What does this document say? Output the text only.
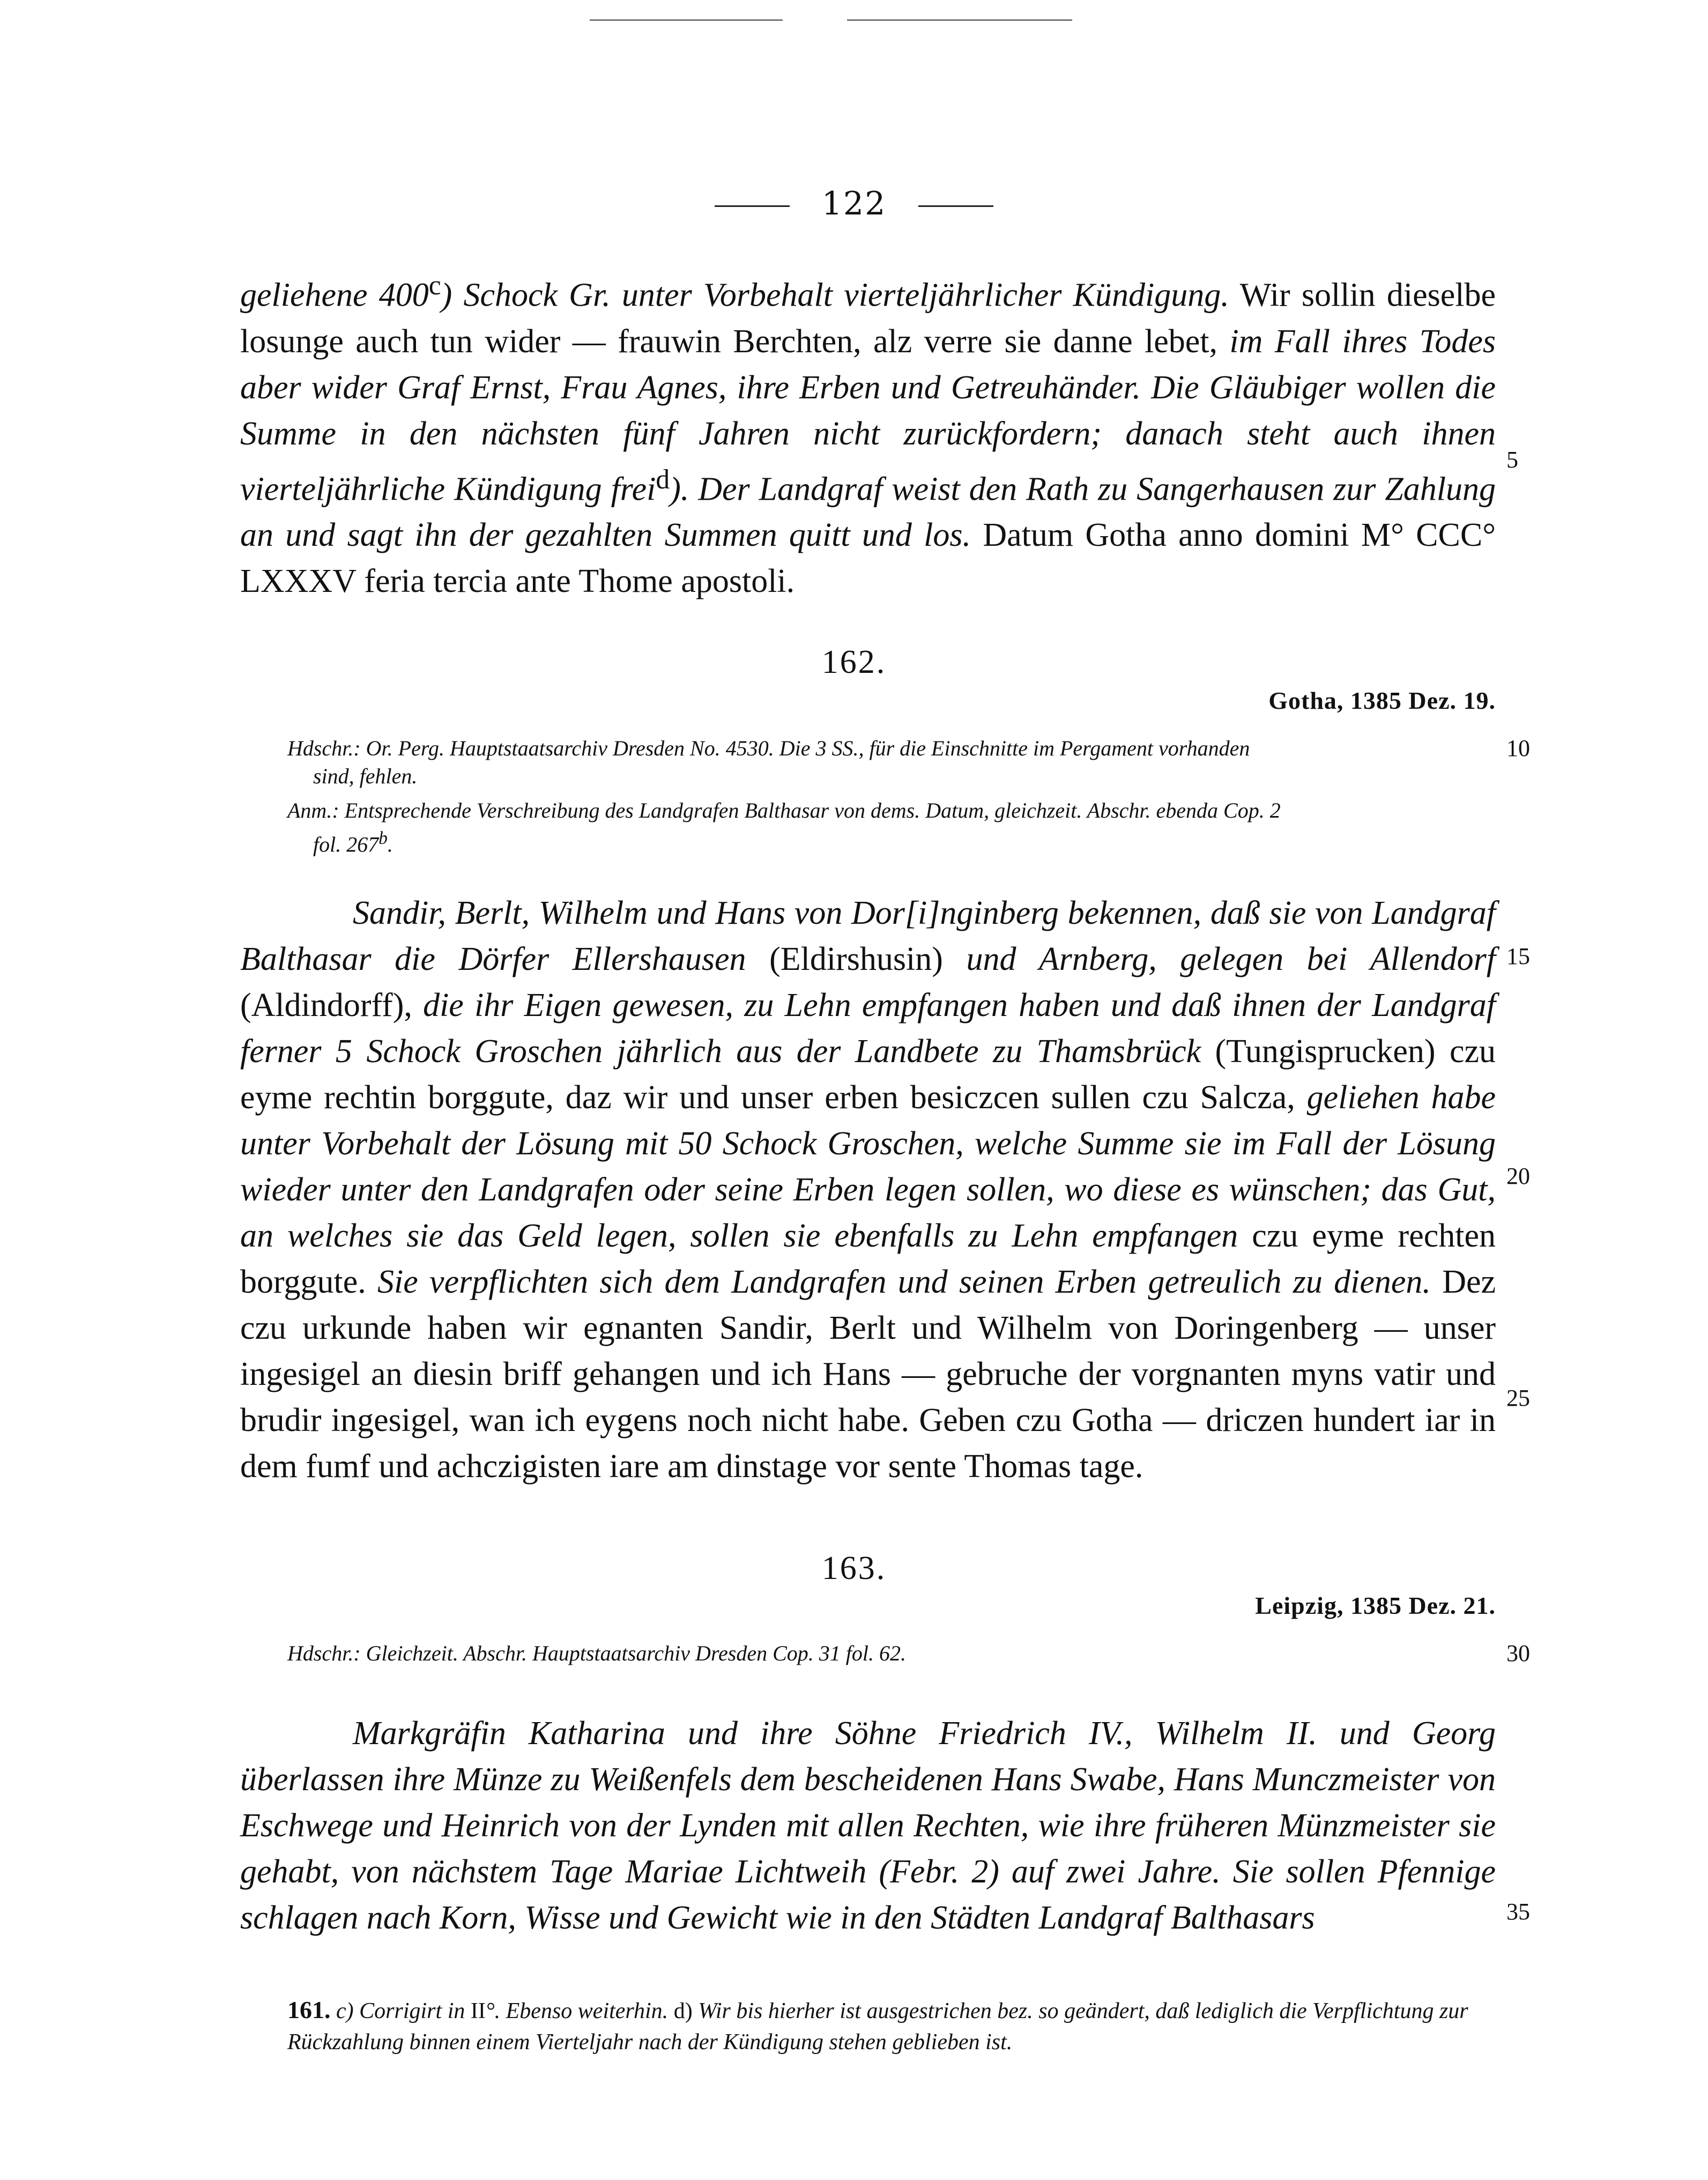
122
geliehene 400$^c$) Schock Gr. unter Vorbehalt vierteljährlicher Kündigung. Wir sollin dieselbe losunge auch tun wider — frauwin Berchten, alz verre sie danne lebet, im Fall ihres Todes aber wider Graf Ernst, Frau Agnes, ihre Erben und Getreuhänder. Die Gläubiger wollen die Summe in den nächsten fünf Jahren nicht zurückfordern; danach steht auch ihnen vierteljährliche Kündigung frei$^d$). Der Landgraf weist den Rath zu Sangerhausen zur Zahlung an und sagt ihn der gezahlten Summen quitt und los. Datum Gotha anno domini M° CCC° LXXXV feria tercia ante Thome apostoli.
162.
Gotha, 1385 Dez. 19.
Hdschr.: Or. Perg. Hauptstaatsarchiv Dresden No. 4530. Die 3 SS., für die Einschnitte im Pergament vorhanden
sind, fehlen.
Anm.: Entsprechende Verschreibung des Landgrafen Balthasar von dems. Datum, gleichzeit. Abschr. ebenda Cop. 2
fol. 267$^b$.
Sandir, Berlt, Wilhelm und Hans von Dor[i]nginberg bekennen, daß sie von Landgraf Balthasar die Dörfer Ellershausen (Eldirshusin) und Arnberg, gelegen bei Allendorf (Aldindorff), die ihr Eigen gewesen, zu Lehn empfangen haben und daß ihnen der Landgraf ferner 5 Schock Groschen jährlich aus der Landbete zu Thamsbrück (Tungisprucken) czu eyme rechtin borggute, daz wir und unser erben besiczcen sullen czu Salcza, geliehen habe unter Vorbehalt der Lösung mit 50 Schock Groschen, welche Summe sie im Fall der Lösung wieder unter den Landgrafen oder seine Erben legen sollen, wo diese es wünschen; das Gut, an welches sie das Geld legen, sollen sie ebenfalls zu Lehn empfangen czu eyme rechten borggute. Sie verpflichten sich dem Landgrafen und seinen Erben getreulich zu dienen. Dez czu urkunde haben wir egnanten Sandir, Berlt und Wilhelm von Doringenberg — unser ingesigel an diesin briff gehangen und ich Hans — gebruche der vorgnanten myns vatir und brudir ingesigel, wan ich eygens noch nicht habe. Geben czu Gotha — driczen hundert iar in dem fumf und achczigisten iare am dinstage vor sente Thomas tage.
163.
Leipzig, 1385 Dez. 21.
Hdschr.: Gleichzeit. Abschr. Hauptstaatsarchiv Dresden Cop. 31 fol. 62.
Markgräfin Katharina und ihre Söhne Friedrich IV., Wilhelm II. und Georg überlassen ihre Münze zu Weißenfels dem bescheidenen Hans Swabe, Hans Munczmeister von Eschwege und Heinrich von der Lynden mit allen Rechten, wie ihre früheren Münzmeister sie gehabt, von nächstem Tage Mariae Lichtweih (Febr. 2) auf zwei Jahre. Sie sollen Pfennige schlagen nach Korn, Wisse und Gewicht wie in den Städten Landgraf Balthasars
5
10
15
20
25
30
35
161. c) Corrigirt in II°. Ebenso weiterhin. d) Wir bis hierher ist ausgestrichen bez. so geändert, daß lediglich die Verpflichtung zur Rückzahlung binnen einem Vierteljahr nach der Kündigung stehen geblieben ist.
